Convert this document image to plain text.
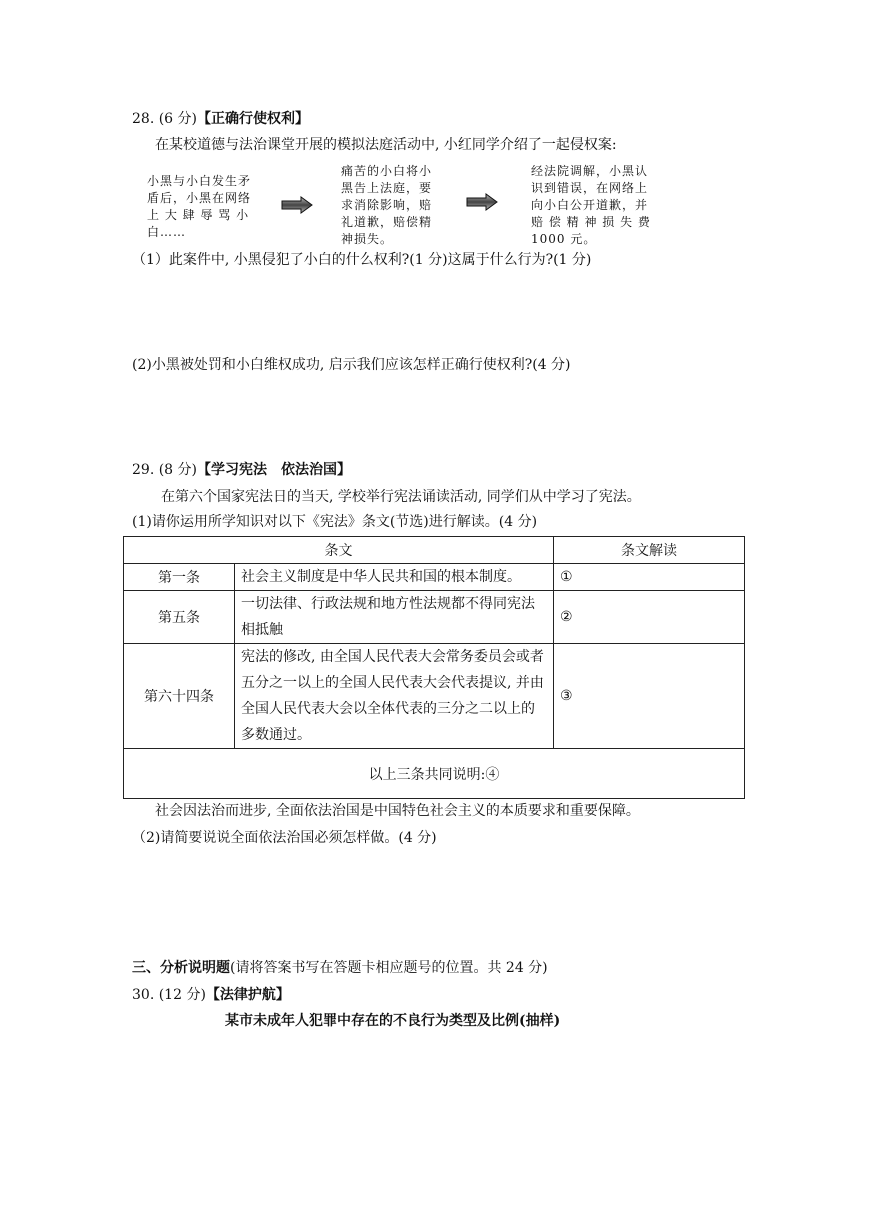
28. (6 分)【正确行使权利】
在某校道德与法治课堂开展的模拟法庭活动中, 小红同学介绍了一起侵权案:
小黑与小白发生矛
盾后，小黑在网络
上 大 肆 辱 骂 小
白……
痛苦的小白将小
黑告上法庭，要
求消除影响，赔
礼道歉，赔偿精
神损失。
经法院调解，小黑认
识到错误，在网络上
向小白公开道歉，并
赔 偿 精 神 损 失 费
1000 元。
（1）此案件中, 小黑侵犯了小白的什么权利?(1 分)这属于什么行为?(1 分)
(2)小黑被处罚和小白维权成功, 启示我们应该怎样正确行使权利?(4 分)
29. (8 分)【学习宪法　依法治国】
在第六个国家宪法日的当天, 学校举行宪法诵读活动, 同学们从中学习了宪法。
(1)请你运用所学知识对以下《宪法》条文(节选)进行解读。(4 分)
条文		条文解读
第一条	社会主义制度是中华人民共和国的根本制度。	①
第五条	一切法律、行政法规和地方性法规都不得同宪法相抵触	②
第六十四条	宪法的修改, 由全国人民代表大会常务委员会或者五分之一以上的全国人民代表大会代表提议, 并由全国人民代表大会以全体代表的三分之二以上的多数通过。	③
以上三条共同说明:④		
社会因法治而进步, 全面依法治国是中国特色社会主义的本质要求和重要保障。
（2)请简要说说全面依法治国必须怎样做。(4 分)
三、分析说明题(请将答案书写在答题卡相应题号的位置。共 24 分)
30. (12 分)【法律护航】
某市未成年人犯罪中存在的不良行为类型及比例(抽样)
